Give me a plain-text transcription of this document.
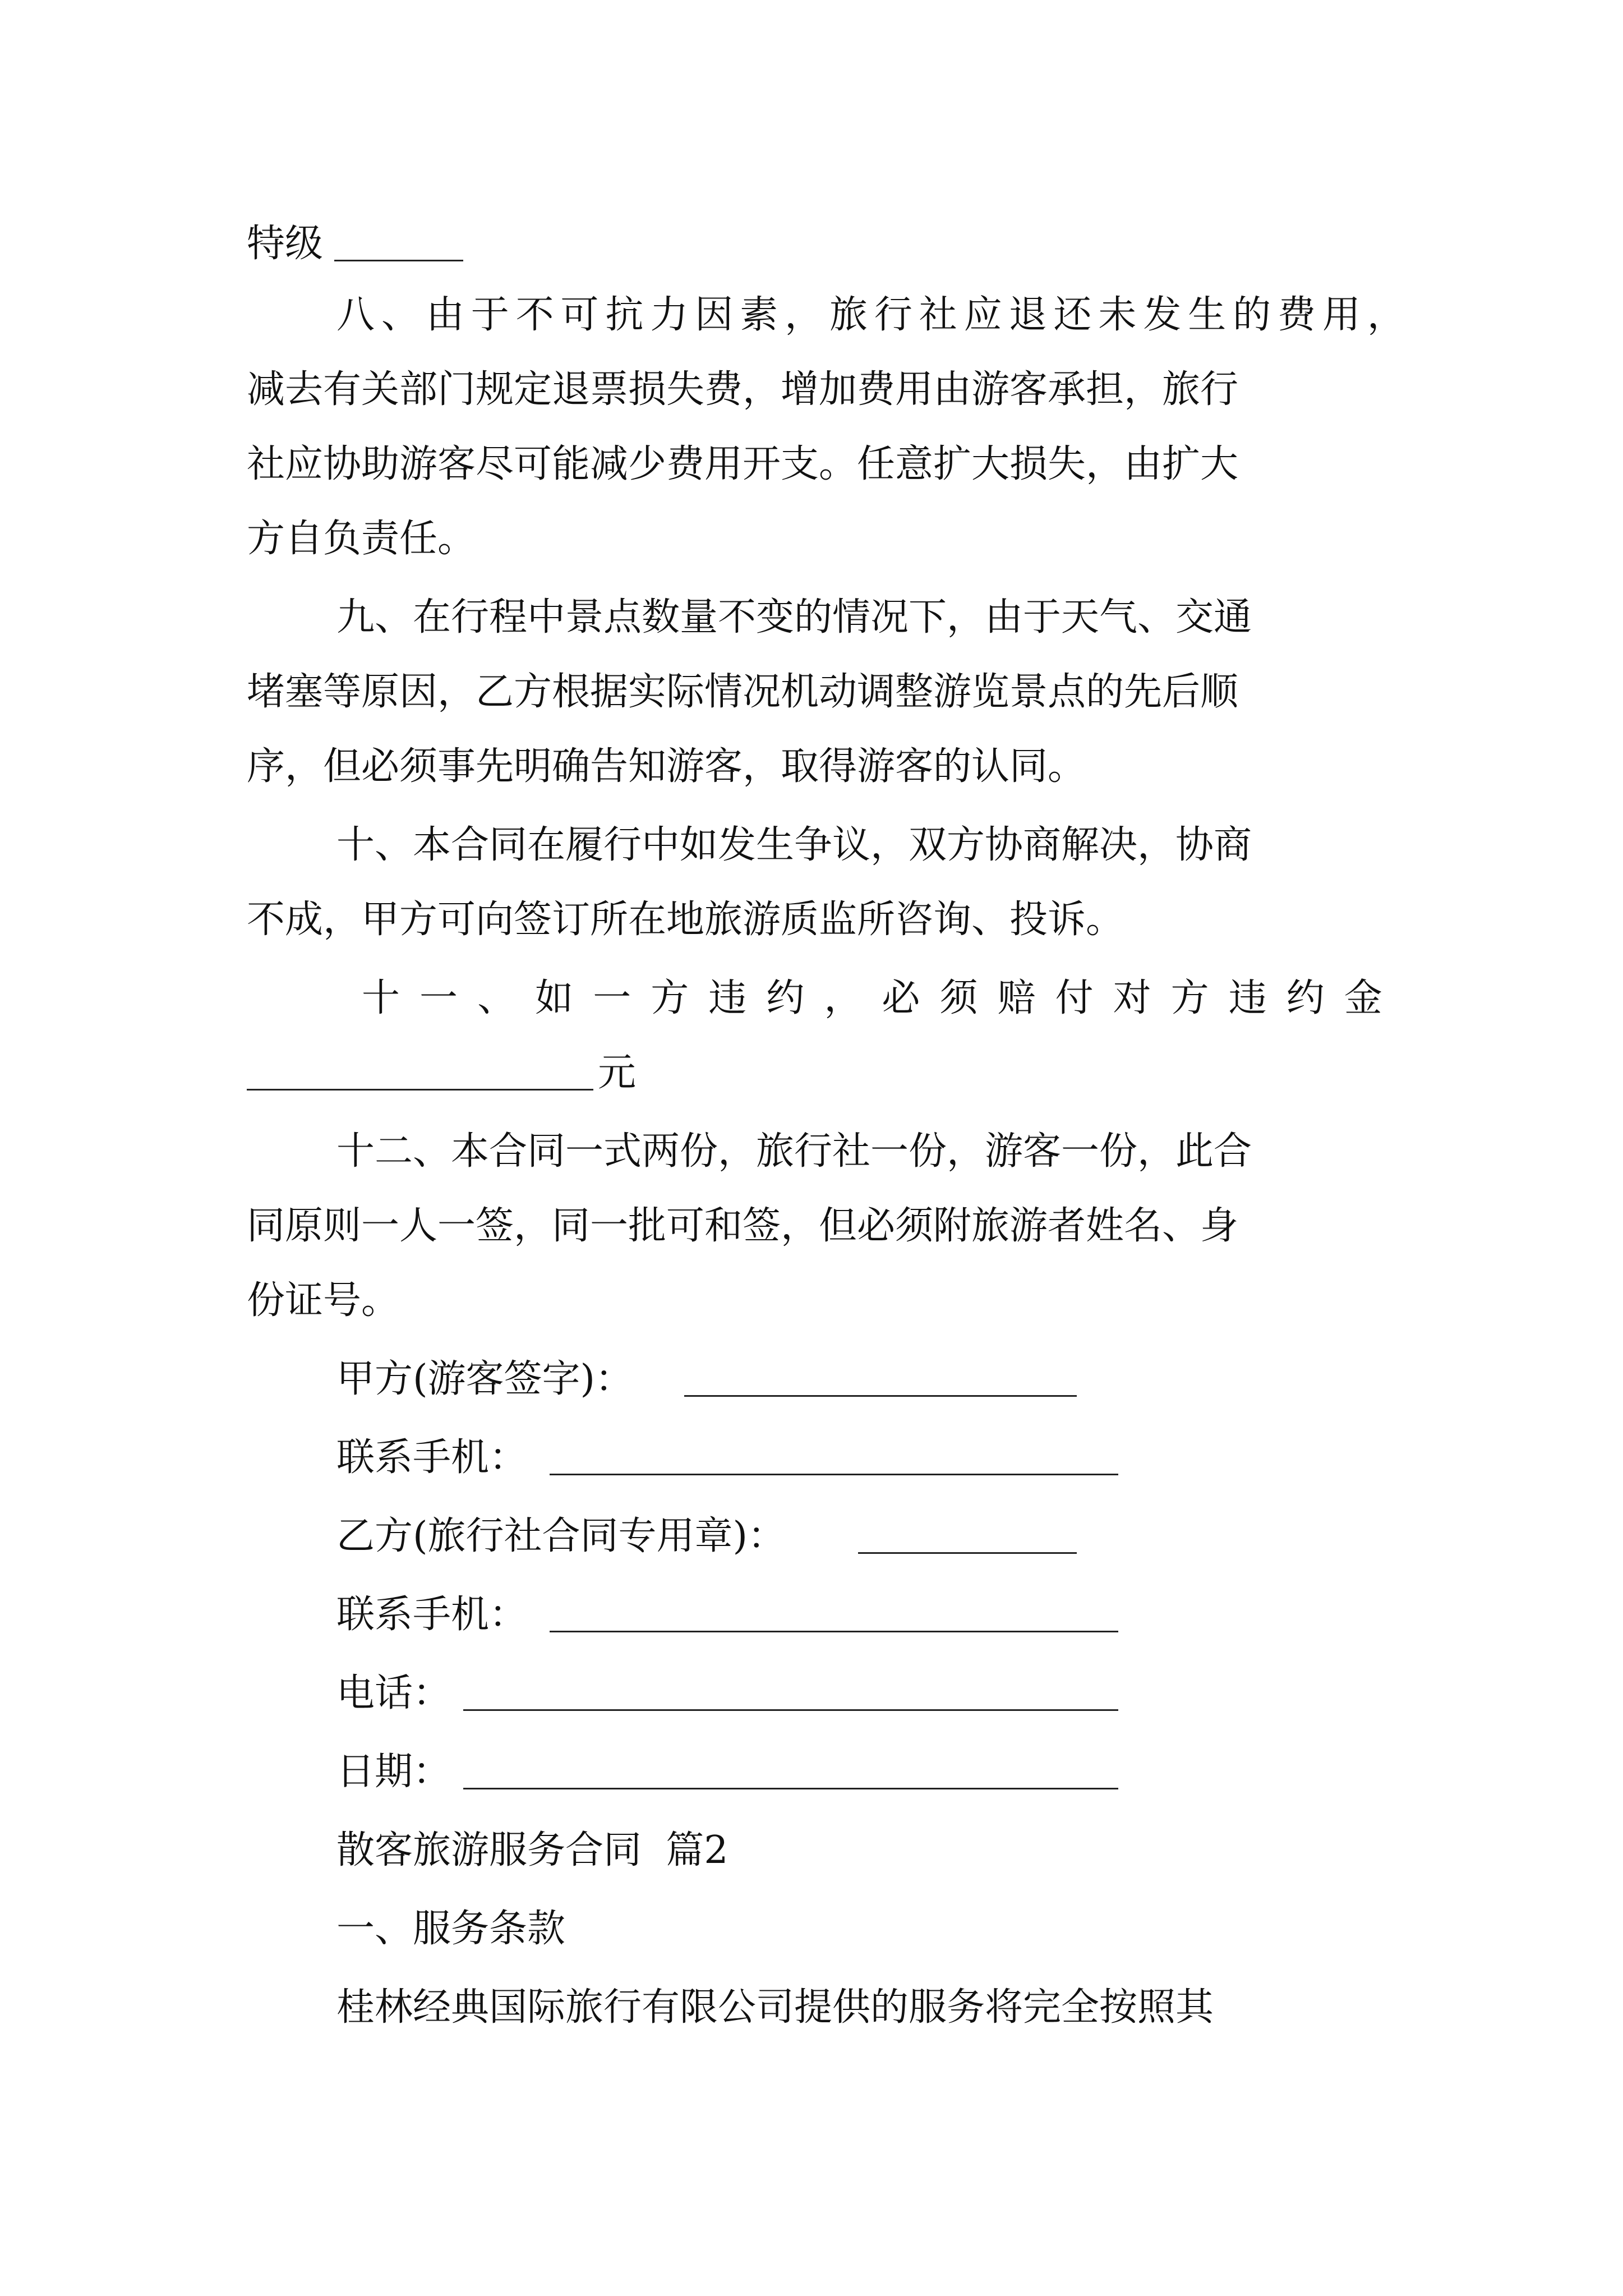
特级
八 、 由 于 不 可 抗 力 因 素 ， 旅 行 社 应 退 还 未 发 生 的 费 用 ，
减去有关部门规定退票损失费，增加费用由游客承担，旅行
社应协助游客尽可能减少费用开支。任意扩大损失，由扩大
方自负责任。
九、在行程中景点数量不变的情况下，由于天气、交通
堵塞等原因，乙方根据实际情况机动调整游览景点的先后顺
序，但必须事先明确告知游客，取得游客的认同。
十、本合同在履行中如发生争议，双方协商解决，协商
不成，甲方可向签订所在地旅游质监所咨询、投诉。
十 一 、 如 一 方 违 约 ， 必 须 赔 付 对 方 违 约 金
元
十二、本合同一式两份，旅行社一份，游客一份，此合
同原则一人一签，同一批可和签，但必须附旅游者姓名、身
份证号。
甲方(游客签字)：
联系手机：
乙方(旅行社合同专用章)：
联系手机：
电话：
日期：
散客旅游服务合同  篇2
一、服务条款
桂林经典国际旅行有限公司提供的服务将完全按照其
